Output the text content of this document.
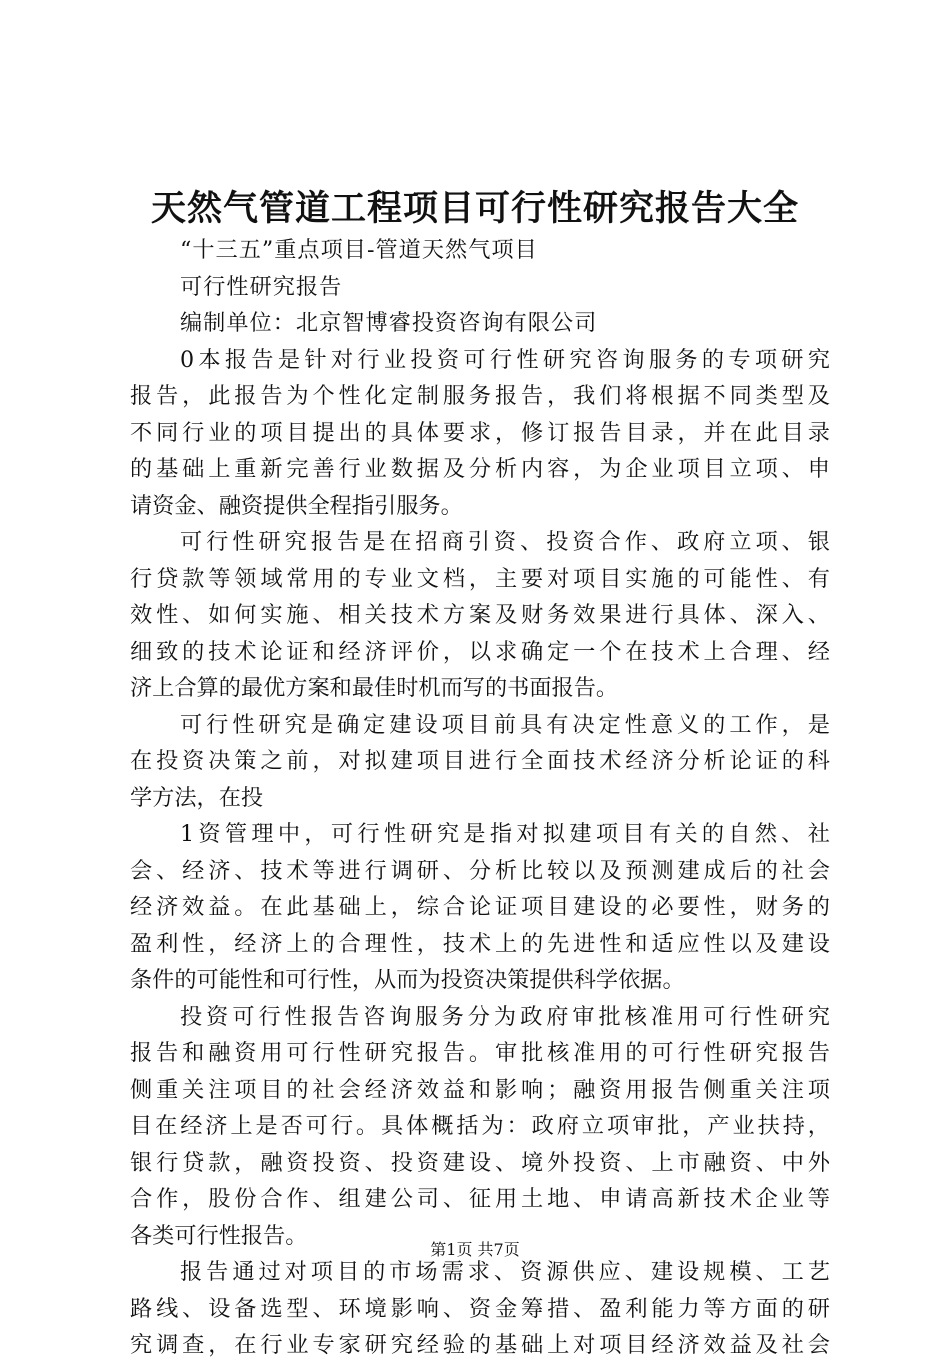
天然气管道工程项目可行性研究报告大全
“十三五”重点项目-管道天然气项目
可行性研究报告
编制单位：北京智博睿投资咨询有限公司
0本报告是针对行业投资可行性研究咨询服务的专项研究
报告，此报告为个性化定制服务报告，我们将根据不同类型及
不同行业的项目提出的具体要求，修订报告目录，并在此目录
的基础上重新完善行业数据及分析内容，为企业项目立项、申
请资金、融资提供全程指引服务。
可行性研究报告是在招商引资、投资合作、政府立项、银
行贷款等领域常用的专业文档，主要对项目实施的可能性、有
效性、如何实施、相关技术方案及财务效果进行具体、深入、
细致的技术论证和经济评价，以求确定一个在技术上合理、经
济上合算的最优方案和最佳时机而写的书面报告。
可行性研究是确定建设项目前具有决定性意义的工作，是
在投资决策之前，对拟建项目进行全面技术经济分析论证的科
学方法，在投
1资管理中，可行性研究是指对拟建项目有关的自然、社
会、经济、技术等进行调研、分析比较以及预测建成后的社会
经济效益。在此基础上，综合论证项目建设的必要性，财务的
盈利性，经济上的合理性，技术上的先进性和适应性以及建设
条件的可能性和可行性，从而为投资决策提供科学依据。
投资可行性报告咨询服务分为政府审批核准用可行性研究
报告和融资用可行性研究报告。审批核准用的可行性研究报告
侧重关注项目的社会经济效益和影响；融资用报告侧重关注项
目在经济上是否可行。具体概括为：政府立项审批，产业扶持，
银行贷款，融资投资、投资建设、境外投资、上市融资、中外
合作，股份合作、组建公司、征用土地、申请高新技术企业等
各类可行性报告。
报告通过对项目的市场需求、资源供应、建设规模、工艺
路线、设备选型、环境影响、资金筹措、盈利能力等方面的研
究调查，在行业专家研究经验的基础上对项目经济效益及社会
第1页 共7页
